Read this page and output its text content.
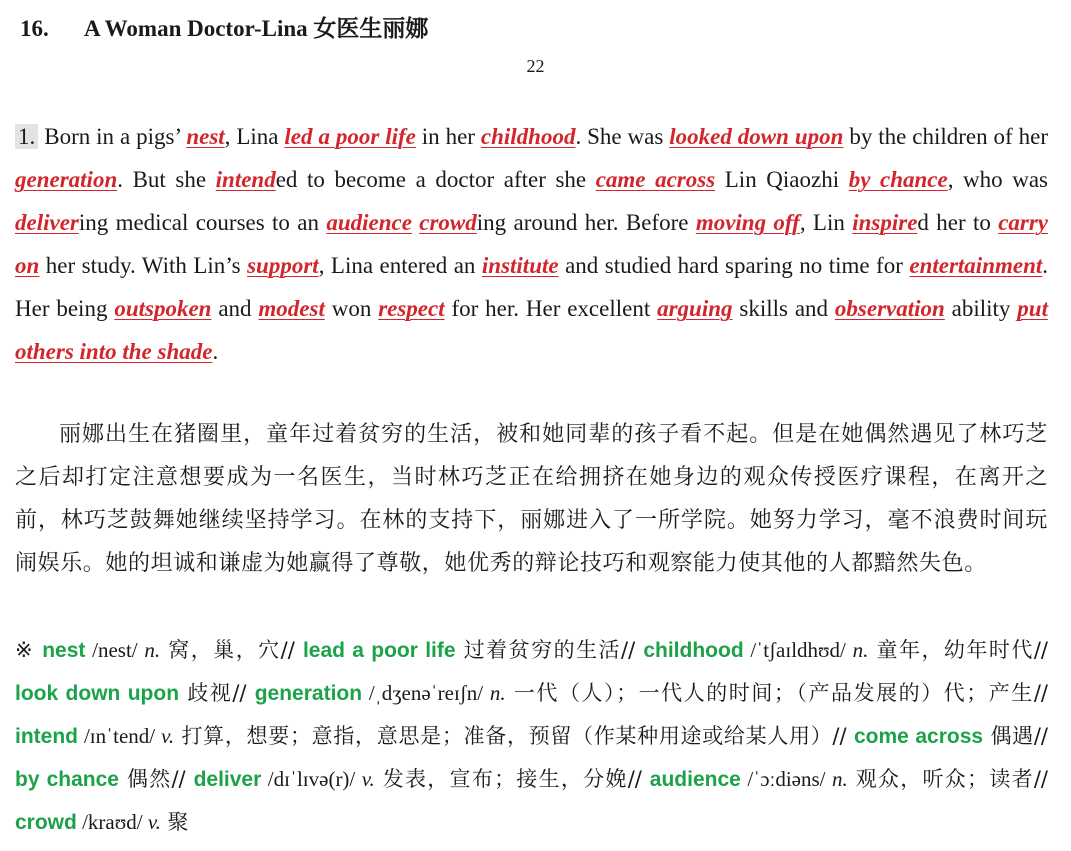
16. A Woman Doctor-Lina 女医生丽娜
22
1. Born in a pigs’ nest, Lina led a poor life in her childhood. She was looked down upon by the children of her generation. But she intended to become a doctor after she came across Lin Qiaozhi by chance, who was delivering medical courses to an audience crowding around her. Before moving off, Lin inspired her to carry on her study. With Lin’s support, Lina entered an institute and studied hard sparing no time for entertainment. Her being outspoken and modest won respect for her. Her excellent arguing skills and observation ability put others into the shade.
丽娜出生在猪圈里，童年过着贫穷的生活，被和她同辈的孩子看不起。但是在她偶然遇见了林巧芝之后却打定注意想要成为一名医生，当时林巧芝正在给拥挤在她身边的观众传授医疗课程，在离开之前，林巧芝鼓舞她继续坚持学习。在林的支持下，丽娜进入了一所学院。她努力学习，毫不浪费时间玩闹娱乐。她的坦诚和谦虚为她赢得了尊敬，她优秀的辩论技巧和观察能力使其他的人都黯然失色。
※ nest /nest/ n. 窝，巢，穴// lead a poor life 过着贫穷的生活// childhood /ˈtʃaɪldhʊd/ n. 童年，幼年时代// look down upon 歧视// generation /ˌdʒenəˈreɪʃn/ n. 一代（人）；一代人的时间；（产品发展的）代；产生// intend /ɪnˈtend/ v. 打算，想要；意指，意思是；准备，预留（作某种用途或给某人用）// come across 偶遇// by chance 偶然// deliver /dɪˈlɪvə(r)/ v. 发表，宣布；接生，分娩// audience /ˈɔːdiəns/ n. 观众，听众；读者// crowd /kraʊd/ v. 聚
